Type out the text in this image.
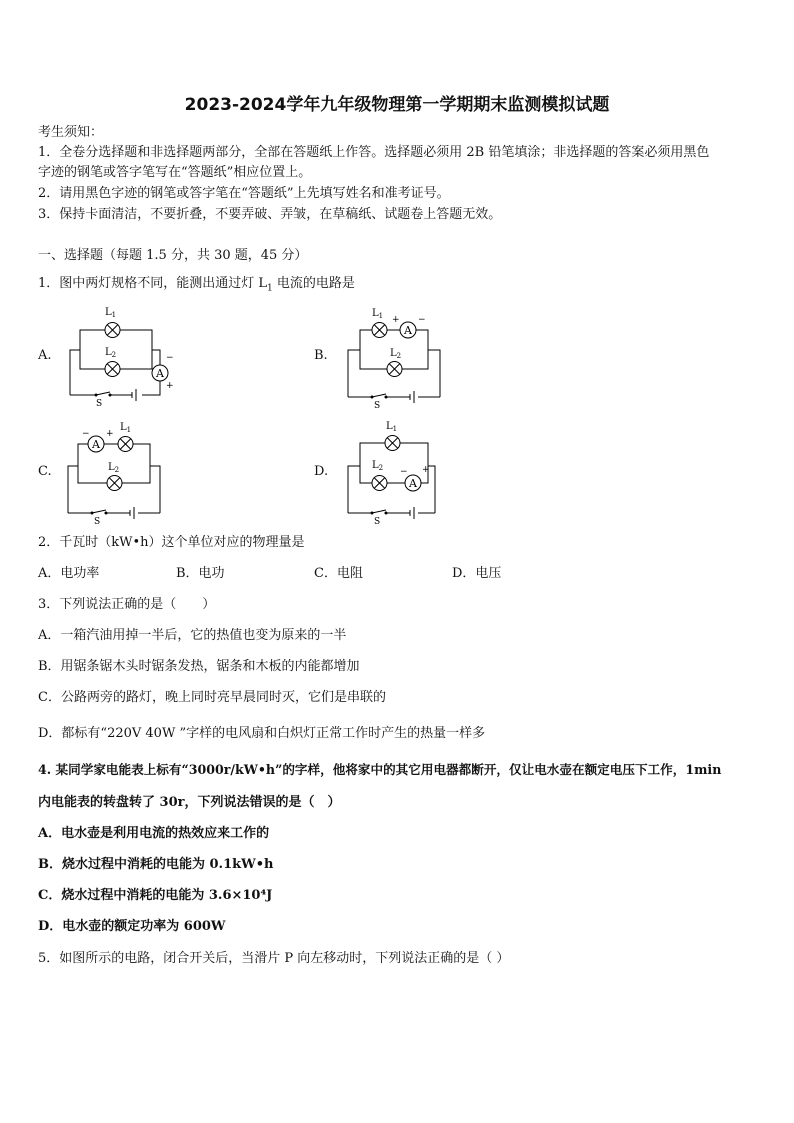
2023-2024学年九年级物理第一学期期末监测模拟试题
考生须知：
1．全卷分选择题和非选择题两部分，全部在答题纸上作答。选择题必须用 2B 铅笔填涂；非选择题的答案必须用黑色
字迹的钢笔或答字笔写在“答题纸”相应位置上。
2．请用黑色字迹的钢笔或答字笔在“答题纸”上先填写姓名和准考证号。
3．保持卡面清洁，不要折叠，不要弄破、弄皱，在草稿纸、试题卷上答题无效。
一、选择题（每题 1.5 分，共 30 题，45 分）
1．图中两灯规格不同，能测出通过灯 $L_1$ 电流的电路是
A.	B.
C.	D.
A
$L_1$
$L_2$	−
+
S
A
$L_1$
$L_2$
+ −
S
A
$L_1$
$L_2$
− +
S
A
$L_1$
$L_2$ − +
S
2．千瓦时（kW•h）这个单位对应的物理量是
A．电功率	B．电功	C．电阻	D．电压
3．下列说法正确的是（　　）
A．一箱汽油用掉一半后，它的热值也变为原来的一半
B．用锯条锯木头时锯条发热，锯条和木板的内能都增加
C．公路两旁的路灯，晚上同时亮早晨同时灭，它们是串联的
D．都标有“220V 40W ”字样的电风扇和白炽灯正常工作时产生的热量一样多
4. 某同学家电能表上标有“3000r/kW•h”的字样，他将家中的其它用电器都断开，仅让电水壶在额定电压下工作，1min
内电能表的转盘转了 30r，下列说法错误的是（　）
A．电水壶是利用电流的热效应来工作的
B．烧水过程中消耗的电能为 0.1kW•h
C．烧水过程中消耗的电能为 3.6×10⁴J
D．电水壶的额定功率为 600W
5．如图所示的电路，闭合开关后，当滑片 P 向左移动时，下列说法正确的是（ ）
